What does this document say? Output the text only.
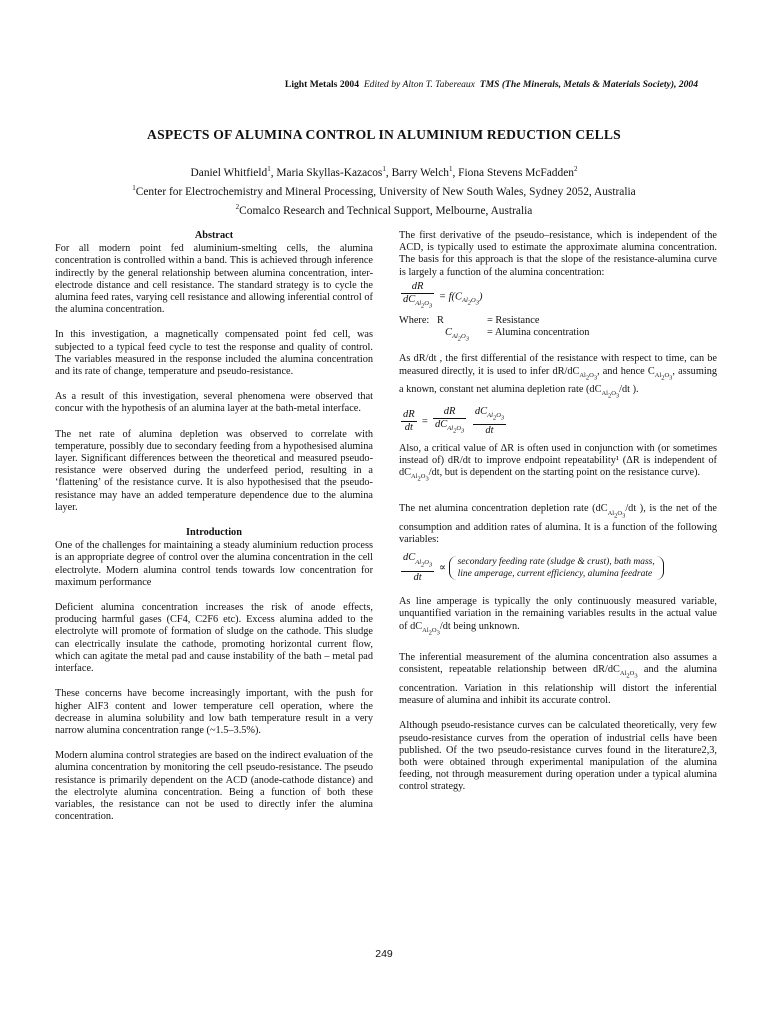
Light Metals 2004 Edited by Alton T. Tabereaux TMS (The Minerals, Metals & Materials Society), 2004
ASPECTS OF ALUMINA CONTROL IN ALUMINIUM REDUCTION CELLS
Daniel Whitfield$^1$, Maria Skyllas-Kazacos$^1$, Barry Welch$^1$, Fiona Stevens McFadden$^2$
$^1$Center for Electrochemistry and Mineral Processing, University of New South Wales, Sydney 2052, Australia
$^2$Comalco Research and Technical Support, Melbourne, Australia
Abstract

For all modern point fed aluminium-smelting cells, the alumina concentration is controlled within a band. This is achieved through inference indirectly by the general relationship between alumina concentration, inter-electrode distance and cell resistance. The standard strategy is to cycle the alumina feed rates, varying cell resistance and allowing inferential control of the alumina concentration.

In this investigation, a magnetically compensated point fed cell, was subjected to a typical feed cycle to test the response and quality of control. The variables measured in the response included the alumina concentration and its rate of change, temperature and pseudo-resistance.

As a result of this investigation, several phenomena were observed that concur with the hypothesis of an alumina layer at the bath-metal interface.

The net rate of alumina depletion was observed to correlate with temperature, possibly due to secondary feeding from a hypothesised alumina layer. Significant differences between the theoretical and measured pseudo-resistance were observed during the underfeed period, resulting in a ‘flattening’ of the resistance curve. It is also hypothesised that the pseudo-resistance may have an added temperature dependence due to the alumina layer.

Introduction

One of the challenges for maintaining a steady aluminium reduction process is an appropriate degree of control over the alumina concentration in the cell electrolyte. Modern alumina control tends towards low concentration for maximum performance

Deficient alumina concentration increases the risk of anode effects, producing harmful gases (CF4, C2F6 etc). Excess alumina added to the electrolyte will promote of formation of sludge on the cathode. This sludge can electrically insulate the cathode, promoting horizontal current flow, which can agitate the metal pad and cause instability of the bath – metal pad interface.

These concerns have become increasingly important, with the push for higher AlF3 content and lower temperature cell operation, where the decrease in alumina solubility and low bath temperature result in a very narrow alumina concentration range (~1.5–3.5%).

Modern alumina control strategies are based on the indirect evaluation of the alumina concentration by monitoring the cell pseudo-resistance. The pseudo resistance is primarily dependent on the ACD (anode-cathode distance) and the electrolyte alumina concentration. Being a function of both these variables, the resistance can not be used to directly infer the alumina concentration.

The first derivative of the pseudo–resistance, which is independent of the ACD, is typically used to estimate the approximate alumina concentration. The basis for this approach is that the slope of the resistance-alumina curve is largely a function of the alumina concentration:

$\frac{dR}{dC_{Al_2O_3}} = f(C_{Al_2O_3})$
Where: R	= Resistance
$C_{Al_2O_3}$
= Alumina concentration

As dR/dt , the first differential of the resistance with respect to time, can be measured directly, it is used to infer $dR/dC_{Al_2O_3}$, and hence $C_{Al_2O_3}$, assuming a known, constant net alumina depletion rate ($dC_{Al_2O_3}/dt$ ).

$\frac{dR}{dt} = \frac{dR}{dC_{Al_2O_3}}$
$\frac{dC_{Al_2O_3}}{dt}$

Also, a critical value of ΔR is often used in conjunction with (or sometimes instead of) dR/dt to improve endpoint repeatability¹ (ΔR is independent of $dC_{Al_2O_3}/dt$, but is dependent on the starting point on the resistance curve).

The net alumina concentration depletion rate ($dC_{Al_2O_3}/dt$ ), is the net of the consumption and addition rates of alumina. It is a function of the following variables:

$\frac{dC_{Al_2O_3}}{dt}$ ∝ secondary feeding rate (sludge & crust), bath mass,
line amperage, current efficiency, alumina feedrate

As line amperage is typically the only continuously measured variable, unquantified variation in the remaining variables results in the actual value of $dC_{Al_2O_3}/dt$ being unknown.

The inferential measurement of the alumina concentration also assumes a consistent, repeatable relationship between $dR/dC_{Al_2O_3}$ and the alumina concentration. Variation in this relationship will distort the inferential measure of alumina and inhibit its accurate control.

Although pseudo-resistance curves can be calculated theoretically, very few pseudo-resistance curves from the operation of industrial cells have been published. Of the two pseudo-resistance curves found in the literature2,3, both were obtained through experimental manipulation of the alumina feeding, not through measurement during operation under a typical alumina control strategy.

249
